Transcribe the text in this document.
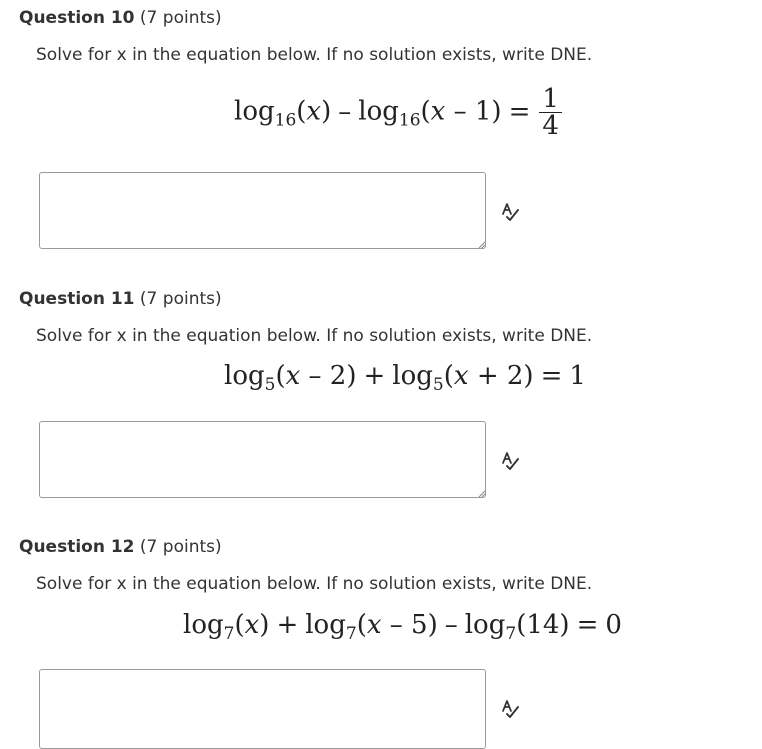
Question 10 (7 points)
Solve for x in the equation below. If no solution exists, write DNE.
$\log_{16}(x) - \log_{16}(x - 1) = \frac{1}{4}$
Question 11 (7 points)
Solve for x in the equation below. If no solution exists, write DNE.
$\log_5(x - 2) + \log_5(x + 2) = 1$
Question 12 (7 points)
Solve for x in the equation below. If no solution exists, write DNE.
$\log_7(x) + \log_7(x - 5) - \log_7(14) = 0$
